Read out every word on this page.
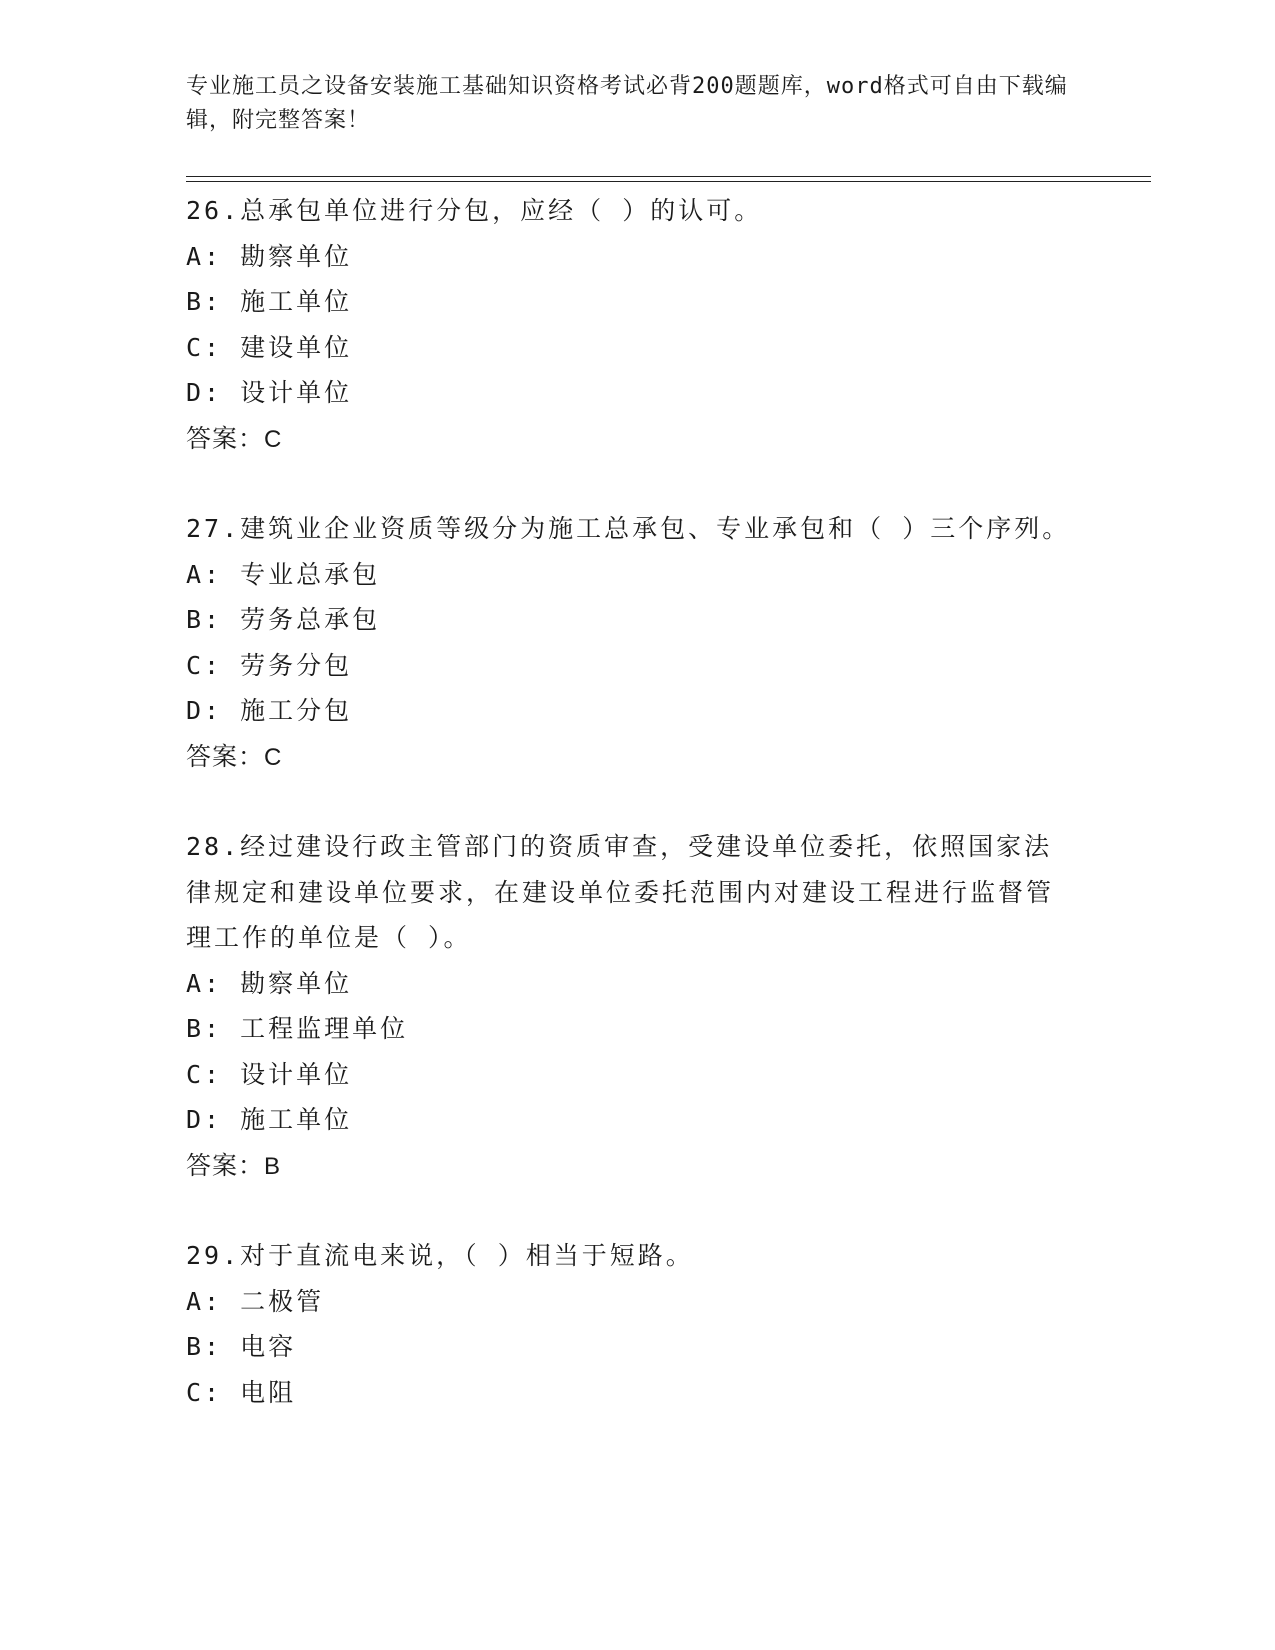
专业施工员之设备安装施工基础知识资格考试必背200题题库，word格式可自由下载编辑，附完整答案！

26.总承包单位进行分包，应经（ ）的认可。

A: 勘察单位

B: 施工单位

C: 建设单位

D: 设计单位

答案：C

27.建筑业企业资质等级分为施工总承包、专业承包和（ ）三个序列。

A: 专业总承包

B: 劳务总承包

C: 劳务分包

D: 施工分包

答案：C

28.经过建设行政主管部门的资质审查，受建设单位委托，依照国家法律规定和建设单位要求，在建设单位委托范围内对建设工程进行监督管理工作的单位是（ ）。

A: 勘察单位

B: 工程监理单位

C: 设计单位

D: 施工单位

答案：B

29.对于直流电来说，（ ）相当于短路。

A: 二极管

B: 电容

C: 电阻
